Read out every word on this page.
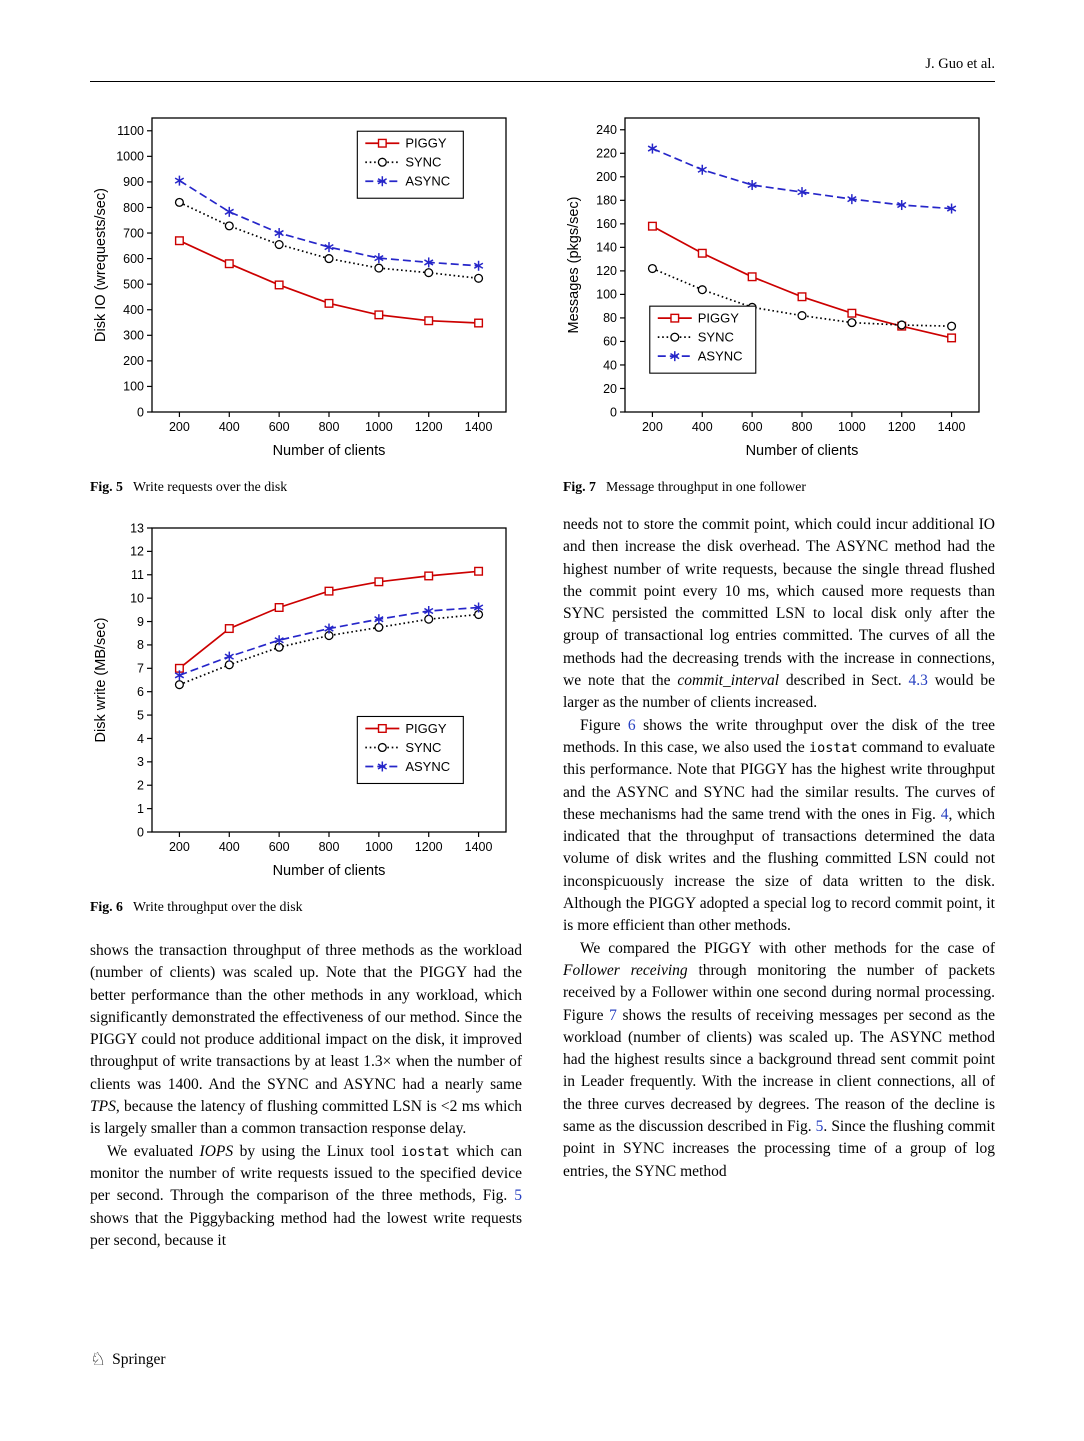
J. Guo et al.
0
100
200
300
400
500
600
700
800
900
1000
1100
200 400 600 800 1000 1200 1400
Number of clients
Disk IO (wrequests/sec)
PIGGY
SYNC
ASYNC

Fig. 5 Write requests over the disk

0
20
40
60
80
100
120
140
160
180
200
220
240
200 400 600 800 1000 1200 1400
Number of clients
Messages (pkgs/sec)	PIGGY
SYNC
ASYNC

Fig. 7 Message throughput in one follower

0
1
2
3
4
5
6
7
8
9
10
11
12
13
200 400 600 800 1000 1200 1400
Number of clients
Disk write (MB/sec)	PIGGY
SYNC
ASYNC

Fig. 6 Write throughput over the disk

shows the transaction throughput of three methods as the workload (number of clients) was scaled up. Note that the PIGGY had the better performance than the other methods in any workload, which significantly demonstrated the effectiveness of our method. Since the PIGGY could not produce additional impact on the disk, it improved throughput of write transactions by at least 1.3× when the number of clients was 1400. And the SYNC and ASYNC had a nearly same TPS, because the latency of flushing committed LSN is <2 ms which is largely smaller than a common transaction response delay.

We evaluated IOPS by using the Linux tool iostat which can monitor the number of write requests issued to the specified device per second. Through the comparison of the three methods, Fig. 5 shows that the Piggybacking method had the lowest write requests per second, because it

needs not to store the commit point, which could incur additional IO and then increase the disk overhead. The ASYNC method had the highest number of write requests, because the single thread flushed the commit point every 10 ms, which caused more requests than SYNC persisted the committed LSN to local disk only after the group of transactional log entries committed. The curves of all the methods had the decreasing trends with the increase in connections, we note that the commit_interval described in Sect. 4.3 would be larger as the number of clients increased.

Figure 6 shows the write throughput over the disk of the tree methods. In this case, we also used the iostat command to evaluate this performance. Note that PIGGY has the highest write throughput and the ASYNC and SYNC had the similar results. The curves of these mechanisms had the same trend with the ones in Fig. 4, which indicated that the throughput of transactions determined the data volume of disk writes and the flushing committed LSN could not inconspicuously increase the size of data written to the disk. Although the PIGGY adopted a special log to record commit point, it is more efficient than other methods.

We compared the PIGGY with other methods for the case of Follower receiving through monitoring the number of packets received by a Follower within one second during normal processing. Figure 7 shows the results of receiving messages per second as the workload (number of clients) was scaled up. The ASYNC method had the highest results since a background thread sent commit point in Leader frequently. With the increase in client connections, all of the three curves decreased by degrees. The reason of the decline is same as the discussion described in Fig. 5. Since the flushing commit point in SYNC increases the processing time of a group of log entries, the SYNC method

♘ Springer
